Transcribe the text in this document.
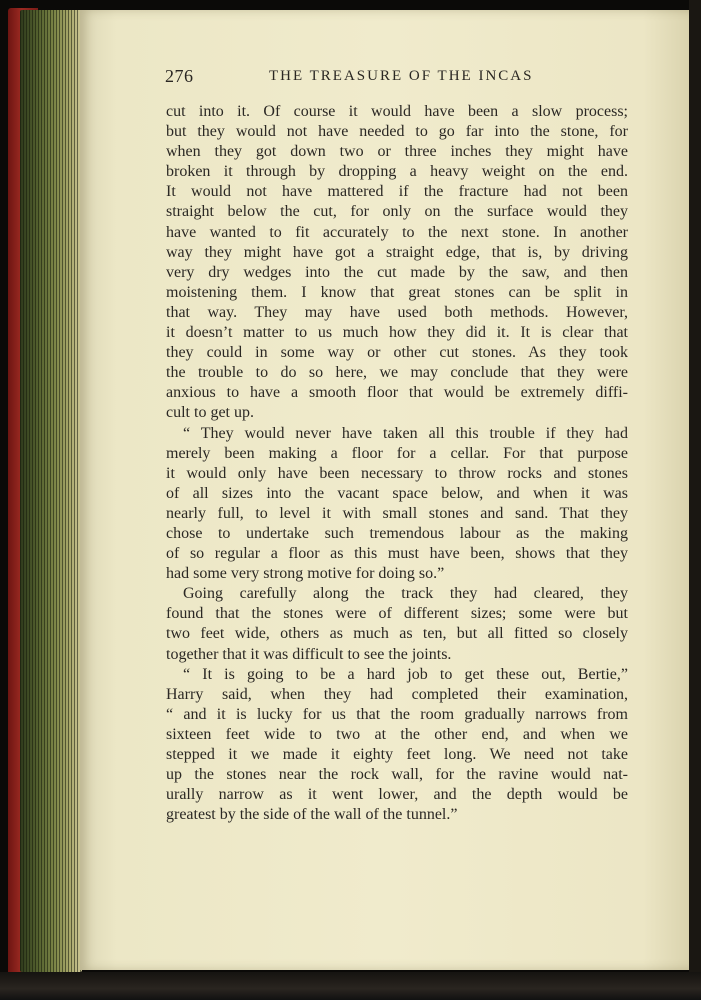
276	THE TREASURE OF THE INCAS
cut into it. Of course it would have been a slow process;
but they would not have needed to go far into the stone, for
when they got down two or three inches they might have
broken it through by dropping a heavy weight on the end.
It would not have mattered if the fracture had not been
straight below the cut, for only on the surface would they
have wanted to fit accurately to the next stone. In another
way they might have got a straight edge, that is, by driving
very dry wedges into the cut made by the saw, and then
moistening them. I know that great stones can be split in
that way. They may have used both methods. However,
it doesn’t matter to us much how they did it. It is clear that
they could in some way or other cut stones. As they took
the trouble to do so here, we may conclude that they were
anxious to have a smooth floor that would be extremely diffi-
cult to get up.
“ They would never have taken all this trouble if they had
merely been making a floor for a cellar. For that purpose
it would only have been necessary to throw rocks and stones
of all sizes into the vacant space below, and when it was
nearly full, to level it with small stones and sand. That they
chose to undertake such tremendous labour as the making
of so regular a floor as this must have been, shows that they
had some very strong motive for doing so.”
Going carefully along the track they had cleared, they
found that the stones were of different sizes; some were but
two feet wide, others as much as ten, but all fitted so closely
together that it was difficult to see the joints.
“ It is going to be a hard job to get these out, Bertie,”
Harry said, when they had completed their examination,
“ and it is lucky for us that the room gradually narrows from
sixteen feet wide to two at the other end, and when we
stepped it we made it eighty feet long. We need not take
up the stones near the rock wall, for the ravine would nat-
urally narrow as it went lower, and the depth would be
greatest by the side of the wall of the tunnel.”
